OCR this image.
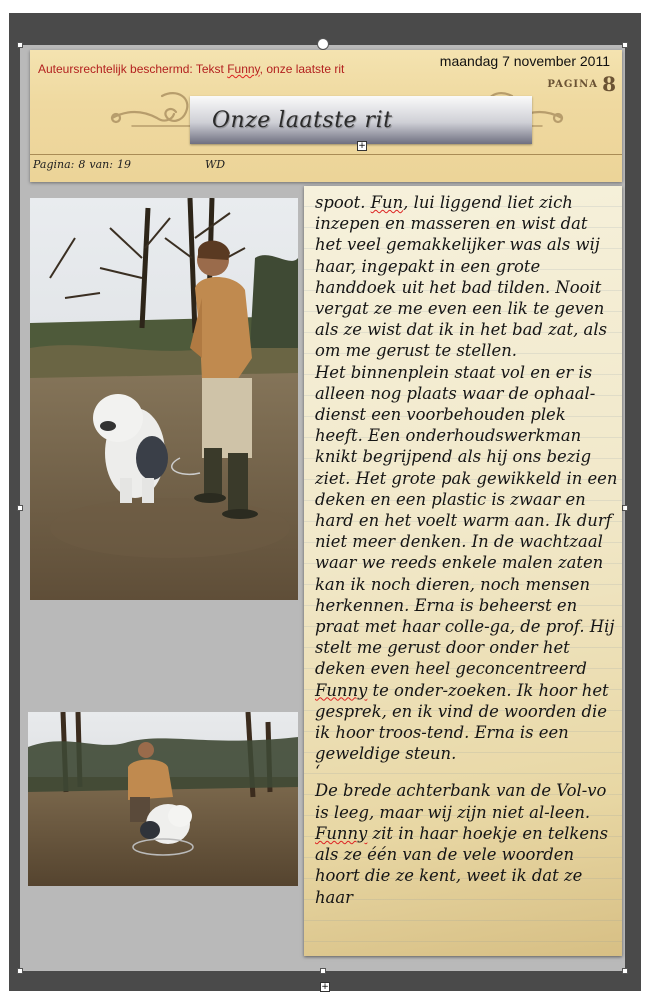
Auteursrechtelijk beschermd: Tekst Funny, onze laatste rit	maandag 7 november 2011
PAGINA 8
Onze laatste rit
Pagina: 8 van: 19	WD
+

spoot. Fun, lui liggend liet zich inzepen en masseren en wist dat het veel gemakkelijker was als wij haar, ingepakt in een grote handdoek uit het bad tilden. Nooit vergat ze me even een lik te geven als ze wist dat ik in het bad zat, als om me gerust te stellen.

Het binnenplein staat vol en er is alleen nog plaats waar de ophaal-dienst een voorbehouden plek heeft. Een onderhoudswerkman knikt begrijpend als hij ons bezig ziet. Het grote pak gewikkeld in een deken en een plastic is zwaar en hard en het voelt warm aan. Ik durf niet meer denken. In de wachtzaal waar we reeds enkele malen zaten kan ik noch dieren, noch mensen herkennen. Erna is beheerst en praat met haar colle-ga, de prof. Hij stelt me gerust door onder het deken even heel geconcentreerd Funny te onder-zoeken. Ik hoor het gesprek, en ik vind de woorden die ik hoor troos-tend. Erna is een geweldige steun.

‘

De brede achterbank van de Vol-vo is leeg, maar wij zijn niet al-leen. Funny zit in haar hoekje en telkens als ze één van de vele woorden hoort die ze kent, weet ik dat ze haar

+
